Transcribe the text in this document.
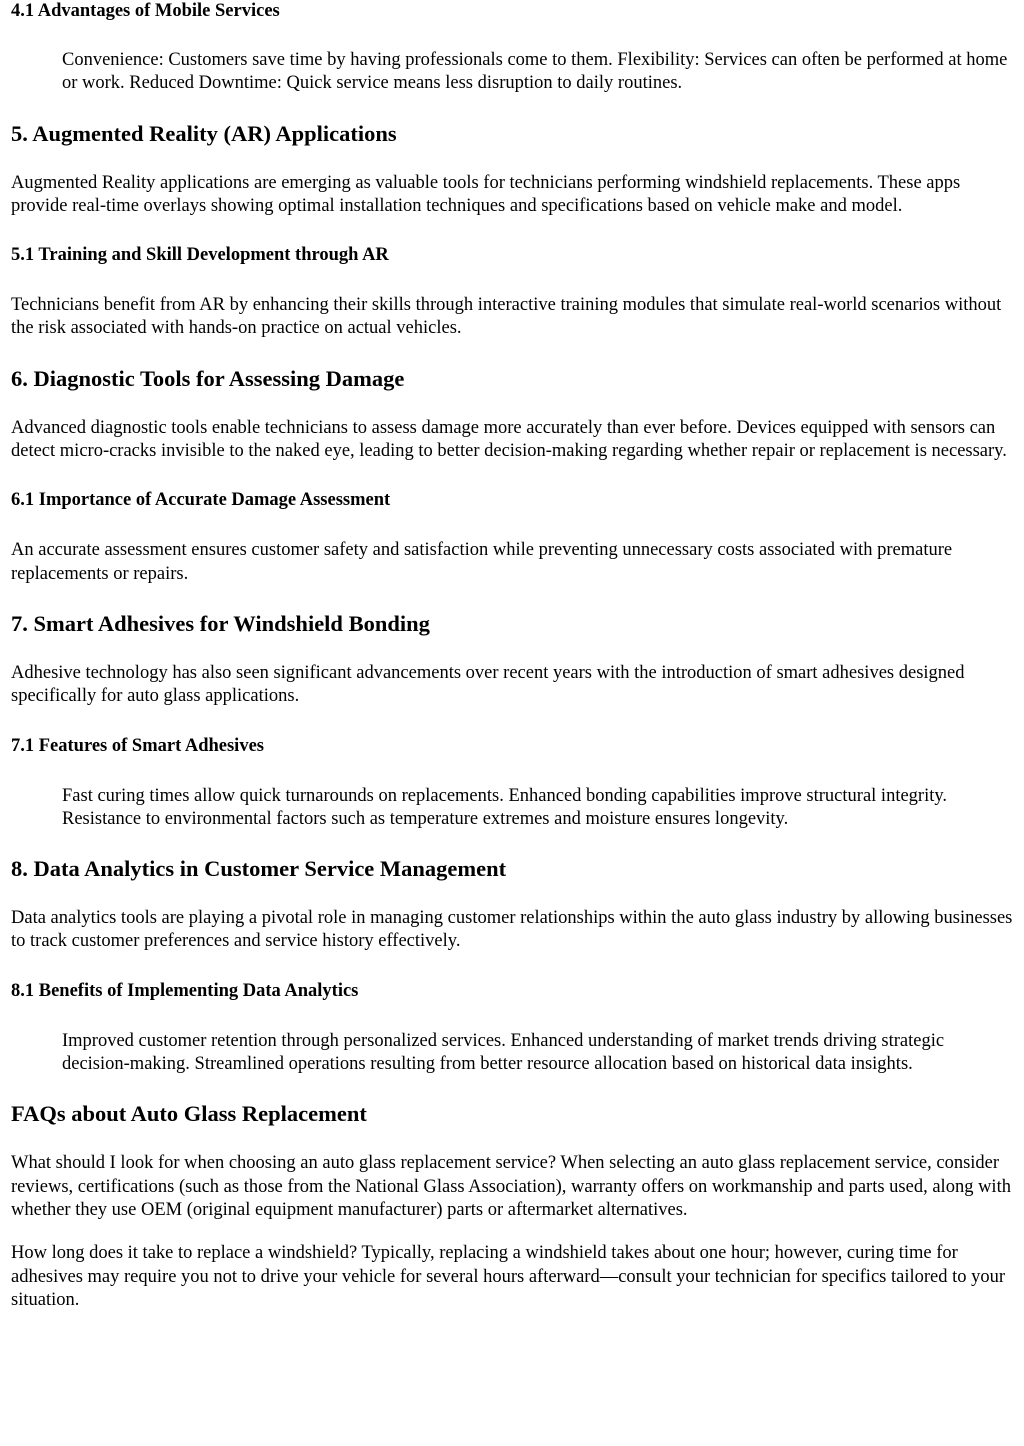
4.1 Advantages of Mobile Services
Convenience: Customers save time by having professionals come to them. Flexibility: Services can often be performed at home or work. Reduced Downtime: Quick service means less disruption to daily routines.
5. Augmented Reality (AR) Applications

Augmented Reality applications are emerging as valuable tools for technicians performing windshield replacements. These apps provide real-time overlays showing optimal installation techniques and specifications based on vehicle make and model.

5.1 Training and Skill Development through AR

Technicians benefit from AR by enhancing their skills through interactive training modules that simulate real-world scenarios without the risk associated with hands-on practice on actual vehicles.

6. Diagnostic Tools for Assessing Damage

Advanced diagnostic tools enable technicians to assess damage more accurately than ever before. Devices equipped with sensors can detect micro-cracks invisible to the naked eye, leading to better decision-making regarding whether repair or replacement is necessary.

6.1 Importance of Accurate Damage Assessment

An accurate assessment ensures customer safety and satisfaction while preventing unnecessary costs associated with premature replacements or repairs.

7. Smart Adhesives for Windshield Bonding

Adhesive technology has also seen significant advancements over recent years with the introduction of smart adhesives designed specifically for auto glass applications.

7.1 Features of Smart Adhesives
Fast curing times allow quick turnarounds on replacements. Enhanced bonding capabilities improve structural integrity. Resistance to environmental factors such as temperature extremes and moisture ensures longevity.
8. Data Analytics in Customer Service Management

Data analytics tools are playing a pivotal role in managing customer relationships within the auto glass industry by allowing businesses to track customer preferences and service history effectively.

8.1 Benefits of Implementing Data Analytics
Improved customer retention through personalized services. Enhanced understanding of market trends driving strategic decision-making. Streamlined operations resulting from better resource allocation based on historical data insights.
FAQs about Auto Glass Replacement

What should I look for when choosing an auto glass replacement service? When selecting an auto glass replacement service, consider reviews, certifications (such as those from the National Glass Association), warranty offers on workmanship and parts used, along with whether they use OEM (original equipment manufacturer) parts or aftermarket alternatives.

How long does it take to replace a windshield? Typically, replacing a windshield takes about one hour; however, curing time for adhesives may require you not to drive your vehicle for several hours afterward—consult your technician for specifics tailored to your situation.
